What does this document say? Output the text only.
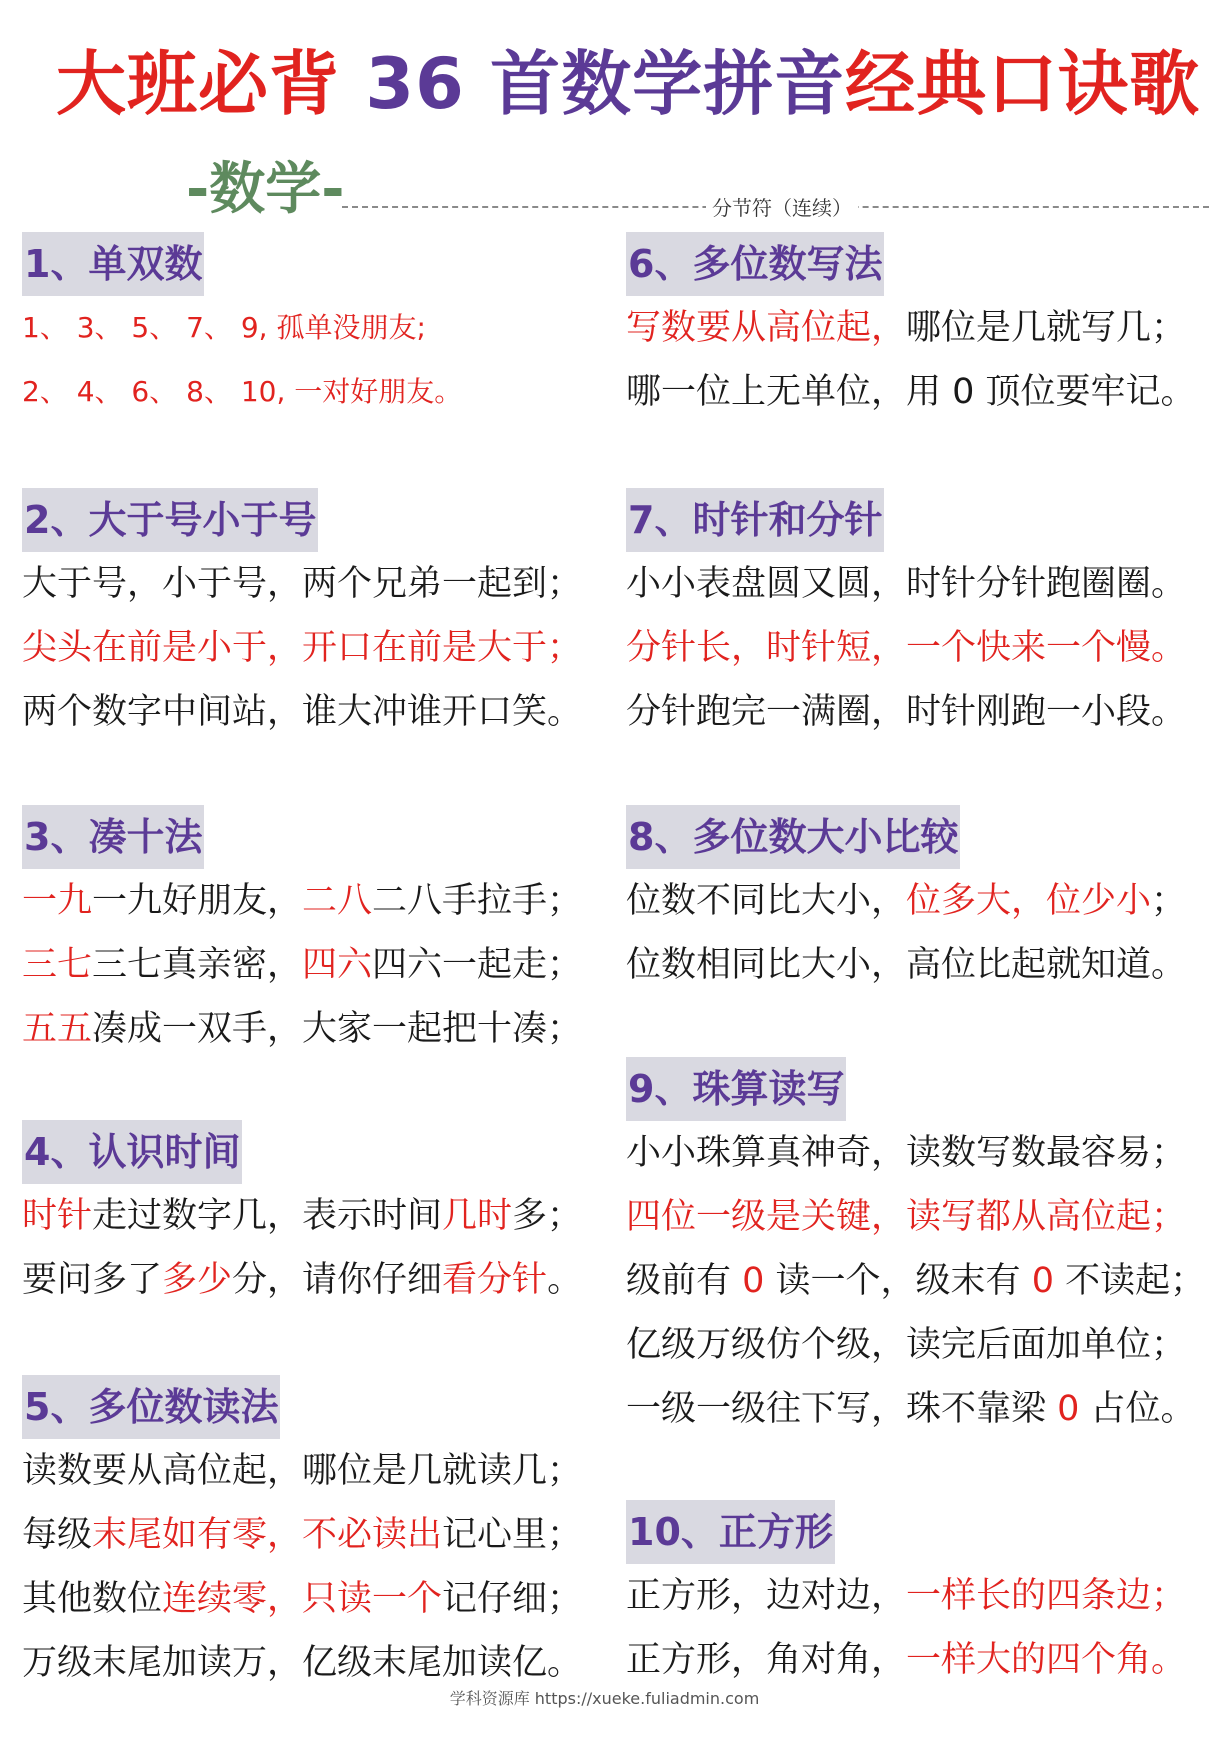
大班必背 36 首数学拼音经典口诀歌
-数学-	分节符（连续）
1、单双数
1、 3、 5、 7、 9, 孤单没朋友;
2、 4、 6、 8、 10, 一对好朋友。
2、大于号小于号
大于号，小于号，两个兄弟一起到；
尖头在前是小于，开口在前是大于；
两个数字中间站，谁大冲谁开口笑。
3、凑十法
一九一九好朋友，二八二八手拉手；
三七三七真亲密，四六四六一起走；
五五凑成一双手，大家一起把十凑；
4、认识时间
时针走过数字几，表示时间几时多；
要问多了多少分，请你仔细看分针。
5、多位数读法
读数要从高位起，哪位是几就读几；
每级末尾如有零，不必读出记心里；
其他数位连续零，只读一个记仔细；
万级末尾加读万，亿级末尾加读亿。
6、多位数写法
写数要从高位起，哪位是几就写几；
哪一位上无单位，用 0 顶位要牢记。
7、时针和分针
小小表盘圆又圆，时针分针跑圈圈。
分针长，时针短，一个快来一个慢。
分针跑完一满圈，时针刚跑一小段。
8、多位数大小比较
位数不同比大小，位多大，位少小；
位数相同比大小，高位比起就知道。
9、珠算读写
小小珠算真神奇，读数写数最容易；
四位一级是关键，读写都从高位起；
级前有 0 读一个，级末有 0 不读起；
亿级万级仿个级，读完后面加单位；
一级一级往下写，珠不靠梁 0 占位。
10、正方形
正方形，边对边，一样长的四条边；
正方形，角对角，一样大的四个角。
学科资源库 https://xueke.fuliadmin.com
